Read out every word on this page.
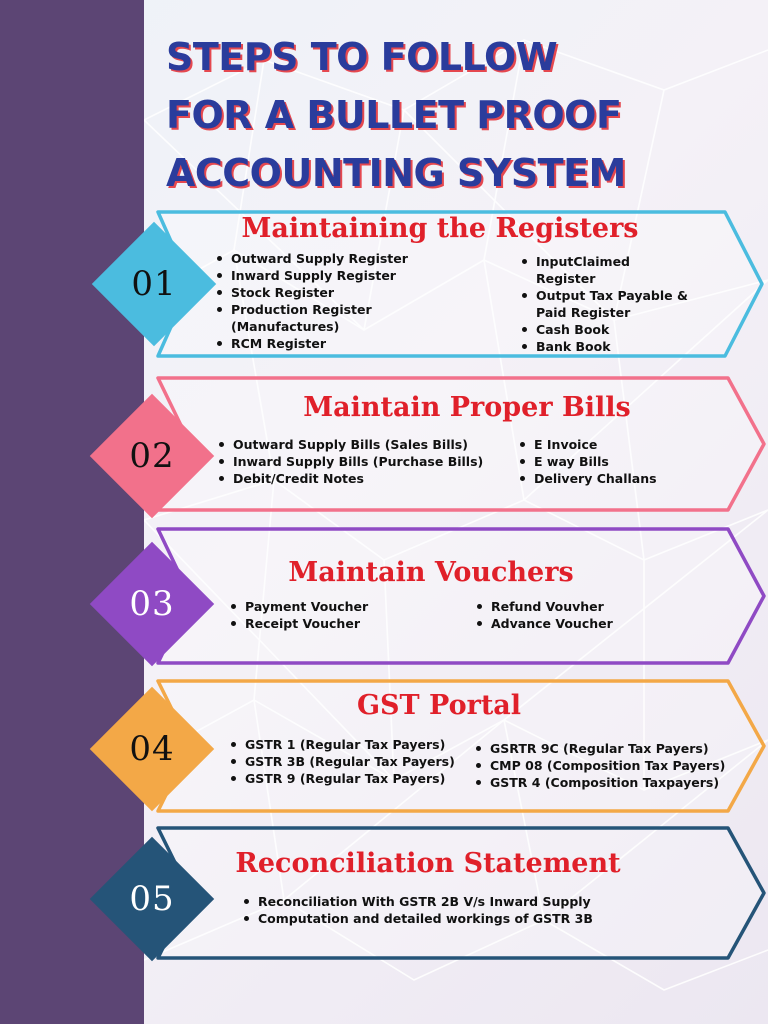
STEPS TO FOLLOW
FOR A BULLET PROOF
ACCOUNTING SYSTEM
01
Maintaining the Registers
Outward Supply Register
Inward Supply Register
Stock Register
Production Register
(Manufactures)
RCM Register
InputClaimed
Register
Output Tax Payable &
Paid Register
Cash Book
Bank Book
02
Maintain Proper Bills
Outward Supply Bills (Sales Bills)
Inward Supply Bills (Purchase Bills)
Debit/Credit Notes
E Invoice
E way Bills
Delivery Challans
03
Maintain Vouchers
Payment Voucher
Receipt Voucher
Refund Vouvher
Advance Voucher
04
GST Portal
GSTR 1 (Regular Tax Payers)
GSTR 3B (Regular Tax Payers)
GSTR 9 (Regular Tax Payers)
GSRTR 9C (Regular Tax Payers)
CMP 08 (Composition Tax Payers)
GSTR 4 (Composition Taxpayers)
05
Reconciliation Statement
Reconciliation With GSTR 2B V/s Inward Supply
Computation and detailed workings of GSTR 3B
